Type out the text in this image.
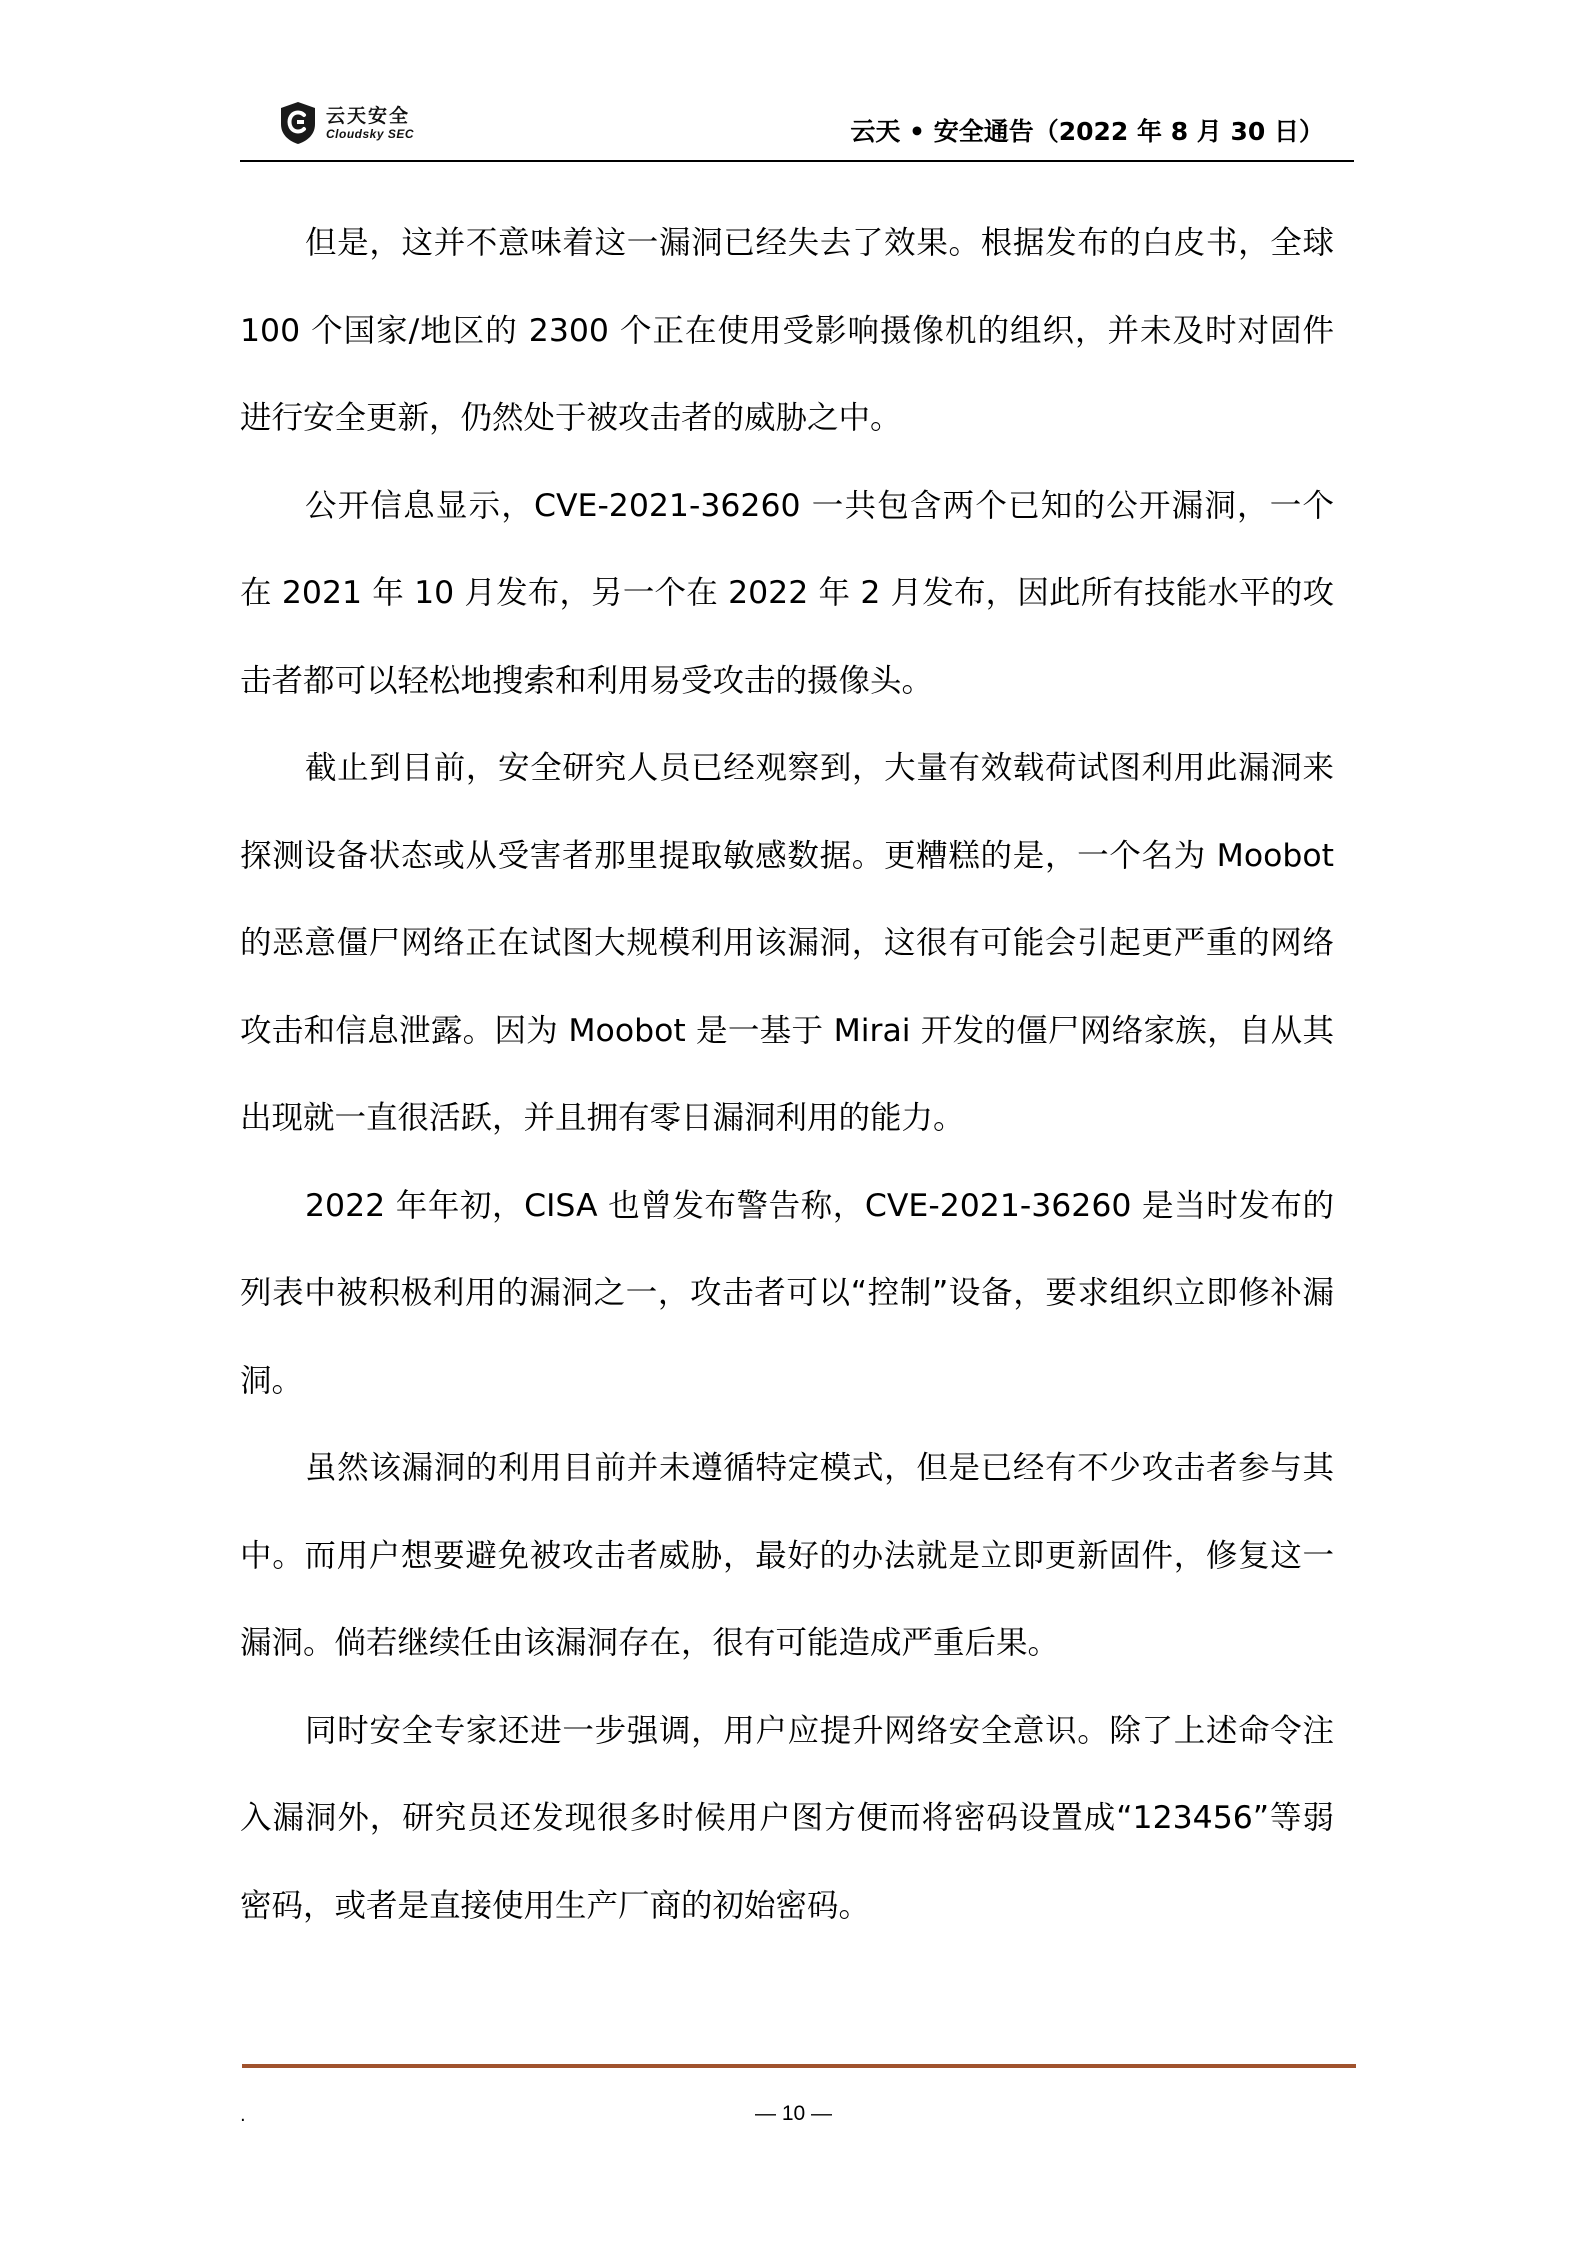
云天安全
Cloudsky SEC	云天 • 安全通告（2022 年 8 月 30 日）

但是，这并不意味着这一漏洞已经失去了效果。根据发布的白皮书，全球 100 个国家/地区的 2300 个正在使用受影响摄像机的组织，并未及时对固件进行安全更新，仍然处于被攻击者的威胁之中。

公开信息显示，CVE-2021-36260 一共包含两个已知的公开漏洞，一个在 2021 年 10 月发布，另一个在 2022 年 2 月发布，因此所有技能水平的攻击者都可以轻松地搜索和利用易受攻击的摄像头。

截止到目前，安全研究人员已经观察到，大量有效载荷试图利用此漏洞来探测设备状态或从受害者那里提取敏感数据。更糟糕的是，一个名为 Moobot 的恶意僵尸网络正在试图大规模利用该漏洞，这很有可能会引起更严重的网络攻击和信息泄露。因为 Moobot 是一基于 Mirai 开发的僵尸网络家族，自从其出现就一直很活跃，并且拥有零日漏洞利用的能力。

2022 年年初，CISA 也曾发布警告称，CVE-2021-36260 是当时发布的列表中被积极利用的漏洞之一，攻击者可以“控制”设备，要求组织立即修补漏洞。

虽然该漏洞的利用目前并未遵循特定模式，但是已经有不少攻击者参与其中。而用户想要避免被攻击者威胁，最好的办法就是立即更新固件，修复这一漏洞。倘若继续任由该漏洞存在，很有可能造成严重后果。

同时安全专家还进一步强调，用户应提升网络安全意识。除了上述命令注入漏洞外，研究员还发现很多时候用户图方便而将密码设置成“123456”等弱密码，或者是直接使用生产厂商的初始密码。

.	— 10 —
